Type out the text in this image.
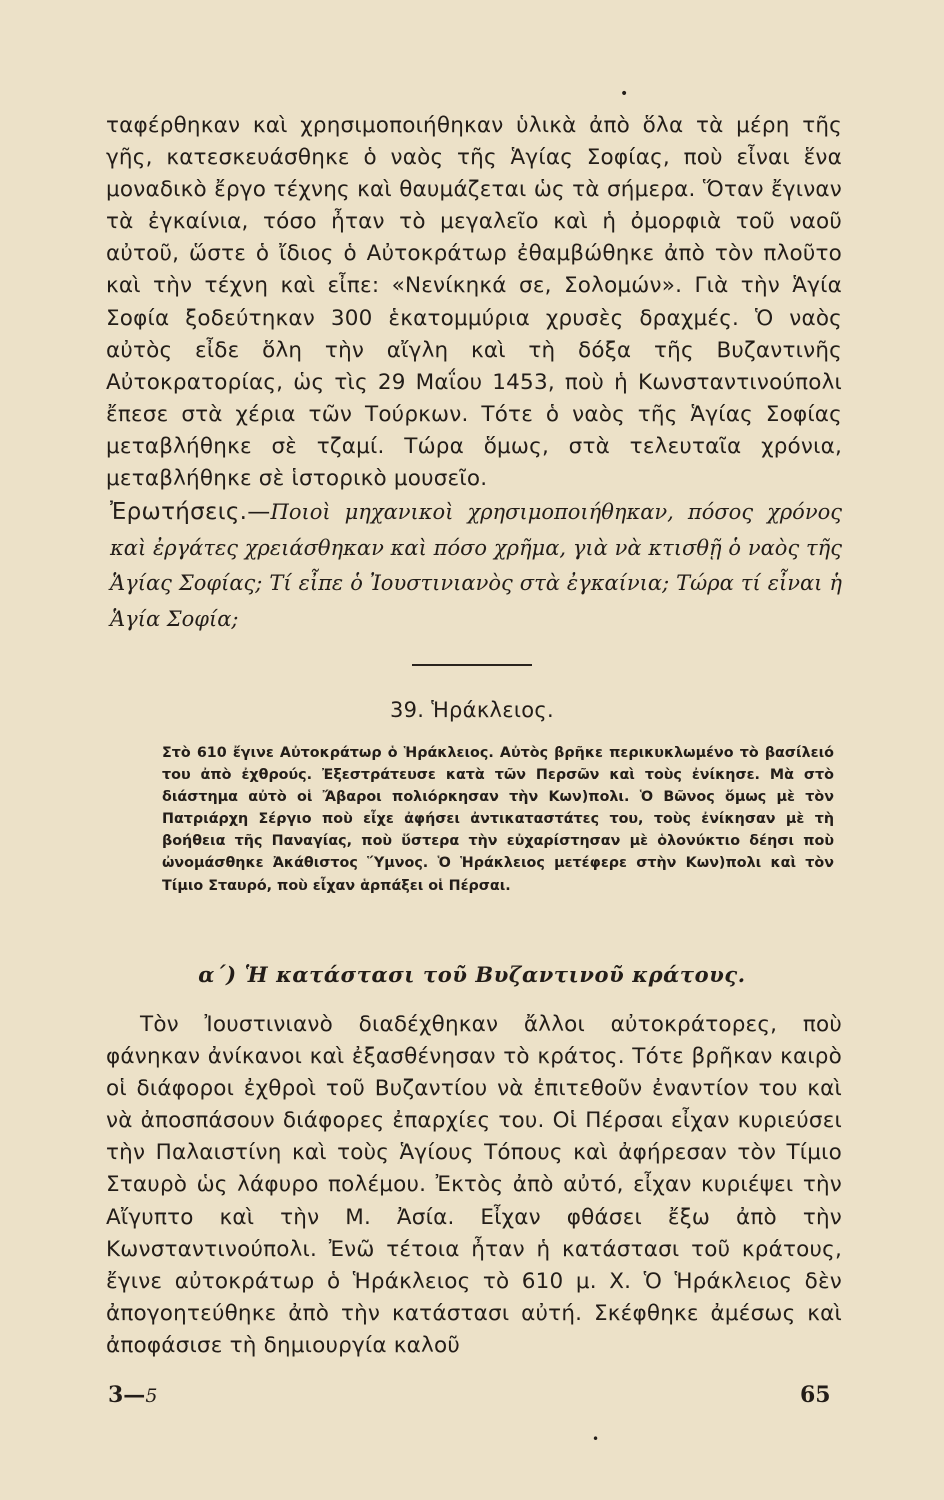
•
ταφέρθηκαν καὶ χρησιμοποιήθηκαν ὑλικὰ ἀπὸ ὅλα τὰ μέρη τῆς γῆς, κατεσκευάσθηκε ὁ ναὸς τῆς Ἁγίας Σοφίας, ποὺ εἶναι ἕνα μοναδικὸ ἔργο τέχνης καὶ θαυμάζεται ὡς τὰ σήμερα. Ὅταν ἔγιναν τὰ ἐγκαίνια, τόσο ἦταν τὸ μεγαλεῖο καὶ ἡ ὀμορφιὰ τοῦ ναοῦ αὐτοῦ, ὥστε ὁ ἴδιος ὁ Αὐτοκράτωρ ἐθαμβώθηκε ἀπὸ τὸν πλοῦτο καὶ τὴν τέχνη καὶ εἶπε: «Νενίκηκά σε, Σολομών». Γιὰ τὴν Ἁγία Σοφία ξοδεύτηκαν 300 ἑκατομμύρια χρυσὲς δραχμές. Ὁ ναὸς αὐτὸς εἶδε ὅλη τὴν αἴγλη καὶ τὴ δόξα τῆς Βυζαντινῆς Αὐτοκρατορίας, ὡς τὶς 29 Μαΐου 1453, ποὺ ἡ Κωνσταντινούπολι ἔπεσε στὰ χέρια τῶν Τούρκων. Τότε ὁ ναὸς τῆς Ἁγίας Σοφίας μεταβλήθηκε σὲ τζαμί. Τώρα ὅμως, στὰ τελευταῖα χρόνια, μεταβλήθηκε σὲ ἱστορικὸ μουσεῖο.
Ἐρωτήσεις.—Ποιοὶ μηχανικοὶ χρησιμοποιήθηκαν, πόσος χρόνος καὶ ἐργάτες χρειάσθηκαν καὶ πόσο χρῆμα, γιὰ νὰ κτισθῇ ὁ ναὸς τῆς Ἁγίας Σοφίας; Τί εἶπε ὁ Ἰουστινιανὸς στὰ ἐγκαίνια; Τώρα τί εἶναι ἡ Ἁγία Σοφία;
39. Ἡράκλειος.
Στὸ 610 ἔγινε Αὐτοκράτωρ ὁ Ἡράκλειος. Αὐτὸς βρῆκε περικυκλωμένο τὸ βασίλειό του ἀπὸ ἐχθρούς. Ἐξεστράτευσε κατὰ τῶν Περσῶν καὶ τοὺς ἐνίκησε. Μὰ στὸ διάστημα αὐτὸ οἱ Ἄβαροι πολιόρκησαν τὴν Κων)πολι. Ὁ Βῶνος ὅμως μὲ τὸν Πατριάρχη Σέργιο ποὺ εἶχε ἀφήσει ἀντικαταστάτες του, τοὺς ἐνίκησαν μὲ τὴ βοήθεια τῆς Παναγίας, ποὺ ὕστερα τὴν εὐχαρίστησαν μὲ ὁλονύκτιο δέησι ποὺ ὠνομάσθηκε Ἀκάθιστος Ὕμνος. Ὁ Ἡράκλειος μετέφερε στὴν Κων)πολι καὶ τὸν Τίμιο Σταυρό, ποὺ εἶχαν ἁρπάξει οἱ Πέρσαι.
α΄) Ἡ κατάστασι τοῦ Βυζαντινοῦ κράτους.
Τὸν Ἰουστινιανὸ διαδέχθηκαν ἄλλοι αὐτοκράτορες, ποὺ φάνηκαν ἀνίκανοι καὶ ἐξασθένησαν τὸ κράτος. Τότε βρῆκαν καιρὸ οἱ διάφοροι ἐχθροὶ τοῦ Βυζαντίου νὰ ἐπιτεθοῦν ἐναντίον του καὶ νὰ ἀποσπάσουν διάφορες ἐπαρχίες του. Οἱ Πέρσαι εἶχαν κυριεύσει τὴν Παλαιστίνη καὶ τοὺς Ἁγίους Τόπους καὶ ἀφήρεσαν τὸν Τίμιο Σταυρὸ ὡς λάφυρο πολέμου. Ἐκτὸς ἀπὸ αὐτό, εἶχαν κυριέψει τὴν Αἴγυπτο καὶ τὴν Μ. Ἀσία. Εἶχαν φθάσει ἔξω ἀπὸ τὴν Κωνσταντινούπολι. Ἐνῶ τέτοια ἦταν ἡ κατάστασι τοῦ κράτους, ἔγινε αὐτοκράτωρ ὁ Ἡράκλειος τὸ 610 μ. Χ. Ὁ Ἡράκλειος δὲν ἀπογοητεύθηκε ἀπὸ τὴν κατάστασι αὐτή. Σκέφθηκε ἀμέσως καὶ ἀποφάσισε τὴ δημιουργία καλοῦ
3—5	65
•
